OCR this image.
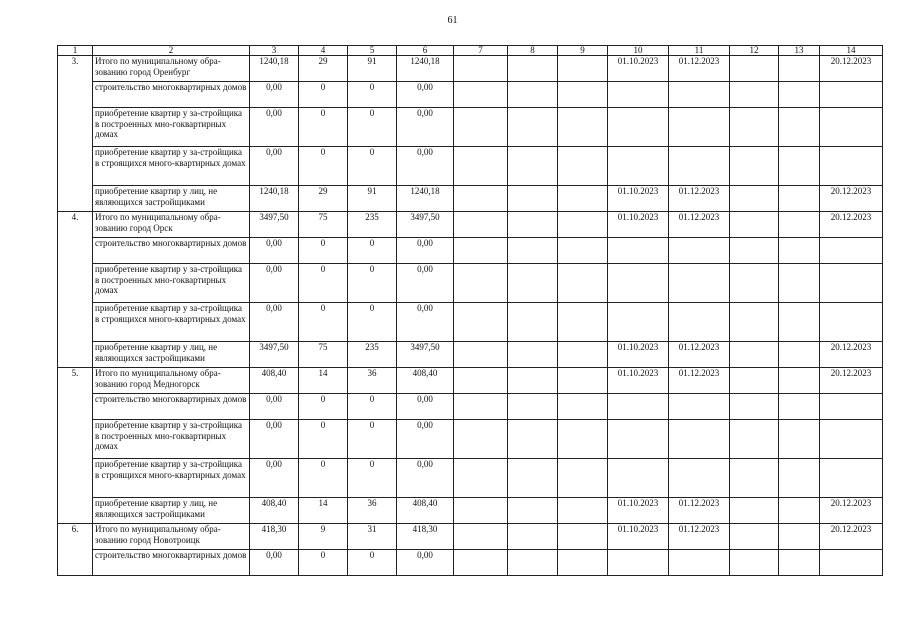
61
1	2	3	4	5	6	7	8	9	10	11	12	13	14
3.	Итого по муниципальному обра-зованию город Оренбург	1240,18	29	91	1240,18				01.10.2023	01.12.2023			20.12.2023
	строительство многоквартирных домов	0,00	0	0	0,00								
	приобретение квартир у за-стройщика в построенных мно-гоквартирных домах	0,00	0	0	0,00								
	приобретение квартир у за-стройщика в строящихся много-квартирных домах	0,00	0	0	0,00								
	приобретение квартир у лиц, не являющихся застройщиками	1240,18	29	91	1240,18				01.10.2023	01.12.2023			20.12.2023
4.	Итого по муниципальному обра-зованию город Орск	3497,50	75	235	3497,50				01.10.2023	01.12.2023			20.12.2023
	строительство многоквартирных домов	0,00	0	0	0,00								
	приобретение квартир у за-стройщика в построенных мно-гоквартирных домах	0,00	0	0	0,00								
	приобретение квартир у за-стройщика в строящихся много-квартирных домах	0,00	0	0	0,00								
	приобретение квартир у лиц, не являющихся застройщиками	3497,50	75	235	3497,50				01.10.2023	01.12.2023			20.12.2023
5.	Итого по муниципальному обра-зованию город Медногорск	408,40	14	36	408,40				01.10.2023	01.12.2023			20.12.2023
	строительство многоквартирных домов	0,00	0	0	0,00								
	приобретение квартир у за-стройщика в построенных мно-гоквартирных домах	0,00	0	0	0,00								
	приобретение квартир у за-стройщика в строящихся много-квартирных домах	0,00	0	0	0,00								
	приобретение квартир у лиц, не являющихся застройщиками	408,40	14	36	408,40				01.10.2023	01.12.2023			20.12.2023
6.	Итого по муниципальному обра-зованию город Новотроицк	418,30	9	31	418,30				01.10.2023	01.12.2023			20.12.2023
	строительство многоквартирных домов	0,00	0	0	0,00								
